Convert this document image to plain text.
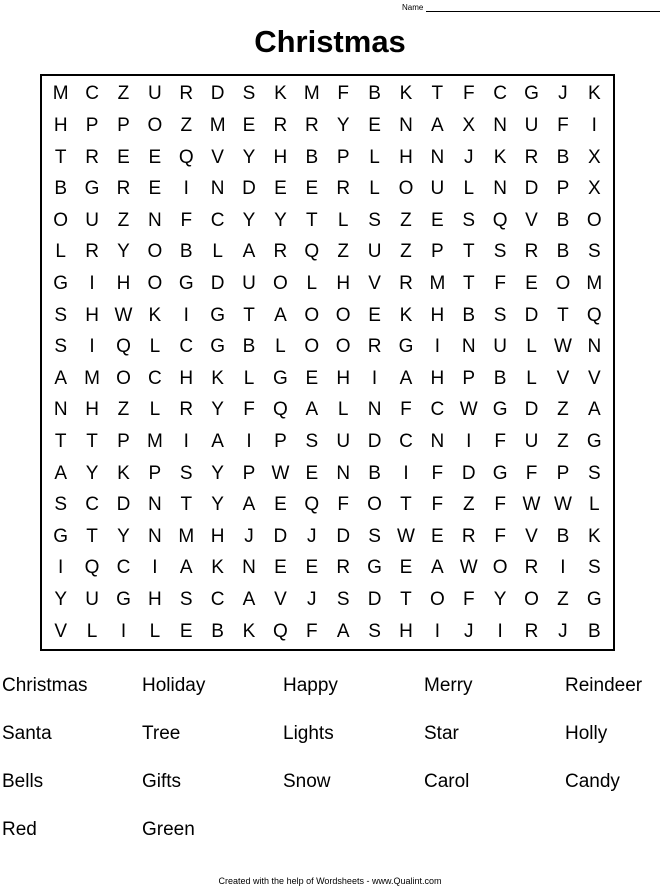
Name
Christmas
M C Z U R D S K M F	B K	T	F C G	J	K
H P P O Z M E R R Y E N A X N U F	I
T R E E Q V Y H B P	L	H N	J	K R B X
B G R E	I	N D E E R	L O U	L	N D P X
O U Z N F C Y Y	T	L	S	Z	E S Q V B O
L	R Y O B	L	A R Q Z U Z	P	T	S R B S
G	I	H O G D U O L	H V R M T	F	E O M
S H W K	I	G T	A O O E K H B S D T Q
S	I	Q L	C G B	L O O R G	I	N U	L W N
A M O C H K	L G E H	I	A H P B	L	V V
N H Z	L	R Y	F Q A	L	N F C W G D Z	A
T	T	P M	I	A	I	P S U D C N	I	F U Z G
A Y K P S Y P W E N B	I	F D G F	P S
S C D N T	Y A E Q F O T	F	Z	F W W L
G T	Y N M H	J	D	J	D S W E R F	V B K
I	Q C	I	A K N E E R G E A W O R	I	S
Y U G H S C A V	J	S D T O F	Y O Z G
V	L	I	L	E B K Q F	A S H	I	J	I	R	J	B
Christmas	Holiday	Happy	Merry	Reindeer
Santa	Tree	Lights	Star	Holly
Bells	Gifts	Snow	Carol	Candy
Red	Green
Created with the help of Wordsheets - www.Qualint.com
